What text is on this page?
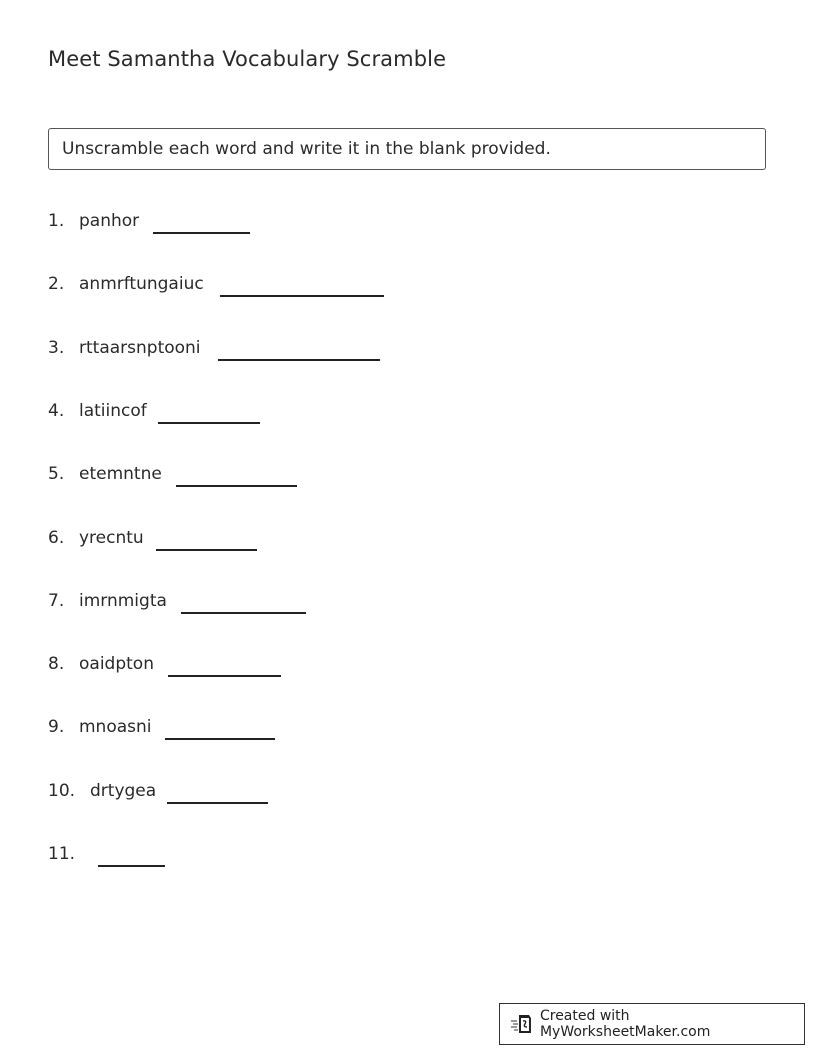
Meet Samantha Vocabulary Scramble
Unscramble each word and write it in the blank provided.
1. panhor
2. anmrftungaiuc
3. rttaarsnptooni
4. latiincof
5. etemntne
6. yrecntu
7. imrnmigta
8. oaidpton
9. mnoasni
10. drtygea
11.
Created with MyWorksheetMaker.com
